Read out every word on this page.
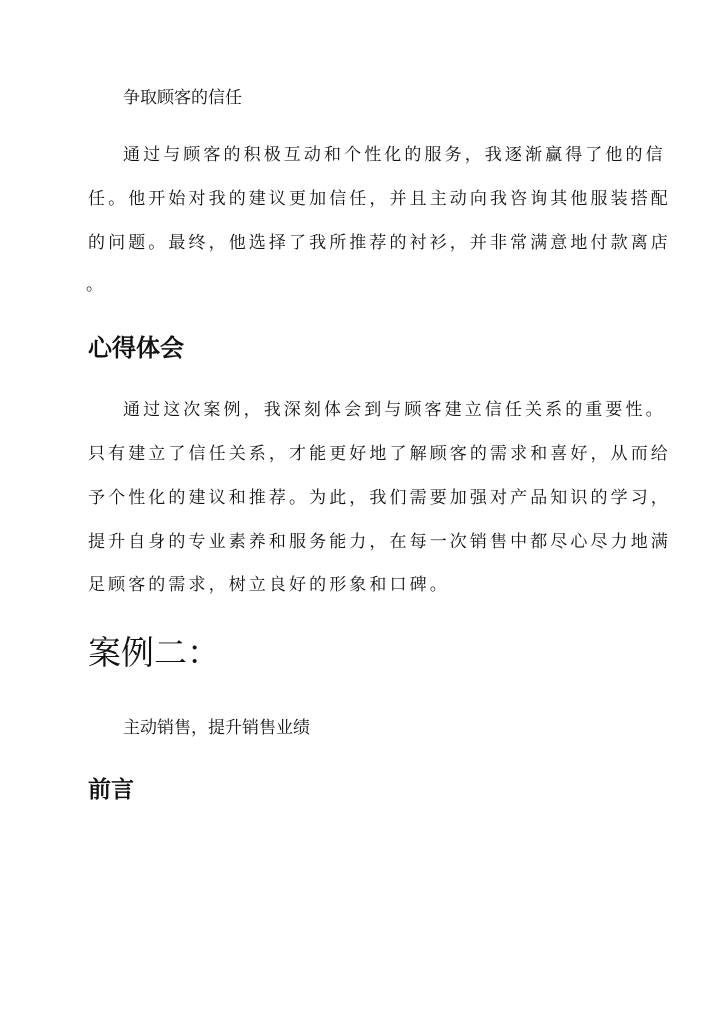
争取顾客的信任
通过与顾客的积极互动和个性化的服务，我逐渐赢得了他的信
任。他开始对我的建议更加信任，并且主动向我咨询其他服装搭配
的问题。最终，他选择了我所推荐的衬衫，并非常满意地付款离店
。
心得体会
通过这次案例，我深刻体会到与顾客建立信任关系的重要性。
只有建立了信任关系，才能更好地了解顾客的需求和喜好，从而给
予个性化的建议和推荐。为此，我们需要加强对产品知识的学习，
提升自身的专业素养和服务能力，在每一次销售中都尽心尽力地满
足顾客的需求，树立良好的形象和口碑。
案例二：
主动销售，提升销售业绩
前言
